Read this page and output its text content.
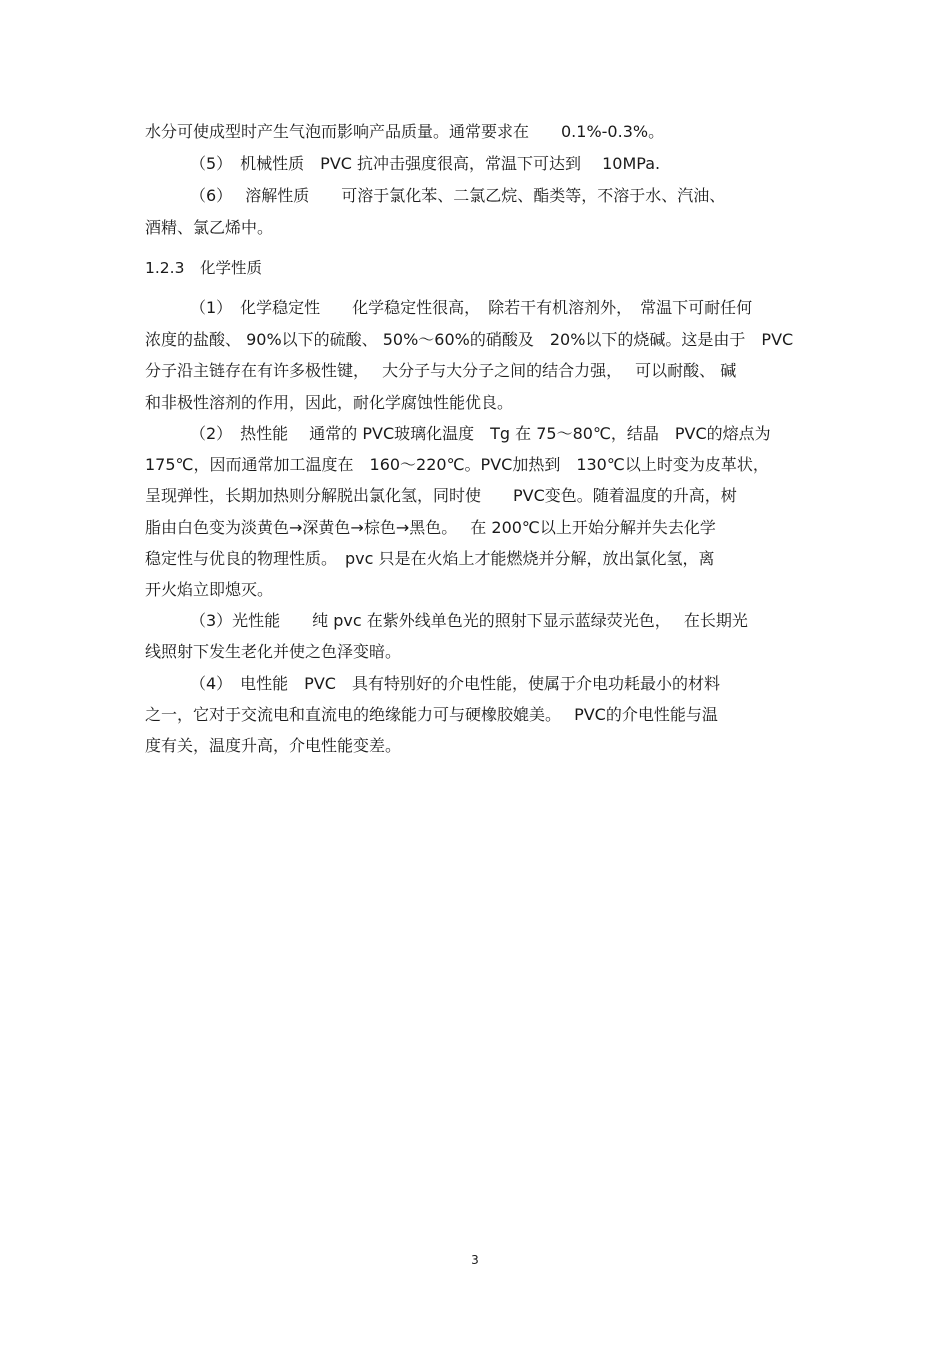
水分可使成型时产生气泡而影响产品质量。通常要求在　　0.1%-0.3%。

（5）　机械性质　PVC 抗冲击强度很高，常温下可达到　 10MPa.

（6）　 溶解性质　　可溶于氯化苯、二氯乙烷、酯类等，不溶于水、汽油、

酒精、氯乙烯中。

1.2.3　化学性质

（1）　化学稳定性　　化学稳定性很高，　除若干有机溶剂外，　常温下可耐任何

浓度的盐酸、 90%以下的硫酸、 50%～60%的硝酸及　20%以下的烧碱。这是由于　PVC

分子沿主链存在有许多极性键，　 大分子与大分子之间的结合力强，　 可以耐酸、 碱

和非极性溶剂的作用，因此，耐化学腐蚀性能优良。

（2）　热性能　 通常的 PVC玻璃化温度　Tg 在 75～80℃，结晶　PVC的熔点为

175℃，因而通常加工温度在　160～220℃。PVC加热到　130℃以上时变为皮革状，

呈现弹性，长期加热则分解脱出氯化氢，同时使　　PVC变色。随着温度的升高，树

脂由白色变为淡黄色→深黄色→棕色→黑色。　 在 200℃以上开始分解并失去化学

稳定性与优良的物理性质。　pvc 只是在火焰上才能燃烧并分解，放出氯化氢，离

开火焰立即熄灭。

（3）光性能　　纯 pvc 在紫外线单色光的照射下显示蓝绿荧光色，　 在长期光

线照射下发生老化并使之色泽变暗。

（4）　电性能　PVC　具有特别好的介电性能，使属于介电功耗最小的材料

之一，它对于交流电和直流电的绝缘能力可与硬橡胶媲美。　 PVC的介电性能与温

度有关，温度升高，介电性能变差。

3
